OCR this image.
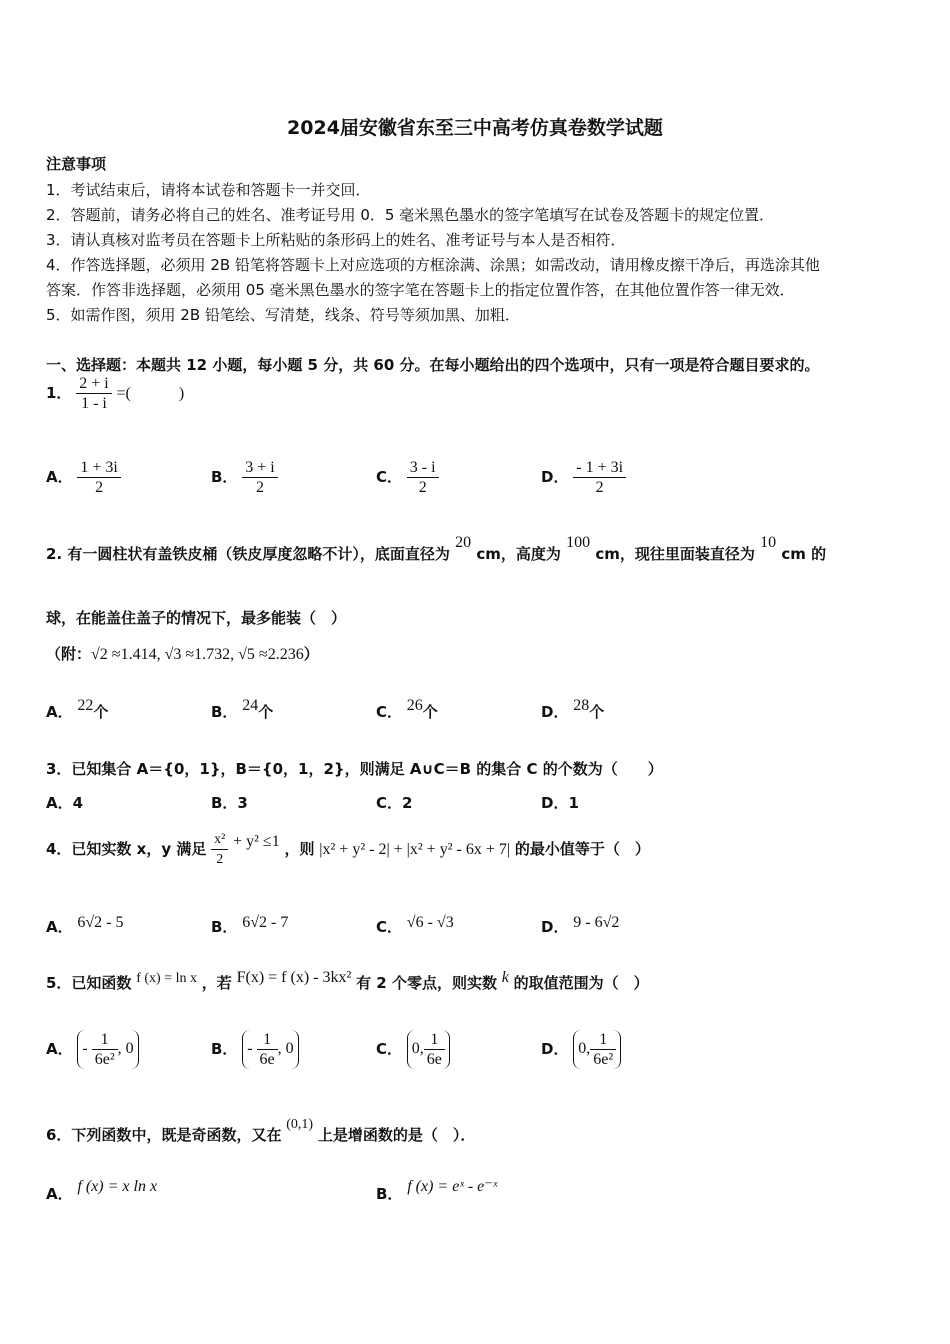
2024届安徽省东至三中高考仿真卷数学试题
注意事项
1．考试结束后，请将本试卷和答题卡一并交回．
2．答题前，请务必将自己的姓名、准考证号用 0．5 毫米黑色墨水的签字笔填写在试卷及答题卡的规定位置．
3．请认真核对监考员在答题卡上所粘贴的条形码上的姓名、准考证号与本人是否相符．
4．作答选择题，必须用 2B 铅笔将答题卡上对应选项的方框涂满、涂黑；如需改动，请用橡皮擦干净后，再选涂其他
答案．作答非选择题，必须用 05 毫米黑色墨水的签字笔在答题卡上的指定位置作答，在其他位置作答一律无效．
5．如需作图，须用 2B 铅笔绘、写清楚，线条、符号等须加黑、加粗．
一、选择题：本题共 12 小题，每小题 5 分，共 60 分。在每小题给出的四个选项中，只有一项是符合题目要求的。
1． $\frac{2 + i}{1 - i}$ =(　　　)
A． $\frac{1 + 3i}{2}$	B． $\frac{3 + i}{2}$	C． $\frac{3 - i}{2}$	D． $\frac{- 1 + 3i}{2}$
2. 有一圆柱状有盖铁皮桶（铁皮厚度忽略不计），底面直径为 20 cm，高度为 100 cm，现往里面装直径为 10 cm 的
球，在能盖住盖子的情况下，最多能装（　）
（附：√2 ≈1.414, √3 ≈1.732, √5 ≈2.236）
A． 22个	B． 24个	C． 26个	D． 28个
3．已知集合 A＝{0，1}，B＝{0，1，2}，则满足 A∪C＝B 的集合 C 的个数为（　　）
A．4	B．3	C．2	D．1
4．已知实数 x，y 满足 $\frac{\text{x²}}{2} + y^2 \le 1$ ，则 |x² + y² - 2| + |x² + y² - 6x + 7| 的最小值等于（　）
A． 6√2 - 5	B． 6√2 - 7	C． √6 - √3	D． 9 - 6√2
5．已知函数 f (x) = ln x ，若 F(x) = f (x) - 3kx² 有 2 个零点，则实数 k 的取值范围为（　）
A． - $\frac{1}{\text{6e²}}$ , 0	B． - $\frac{1}{6e}$ , 0	C． 0, $\frac{1}{6e}$	D． 0, $\frac{1}{\text{6e²}}$
6．下列函数中，既是奇函数，又在 (0,1) 上是增函数的是（　）．
A． f (x) = x ln x	B． f (x) = eˣ - e⁻ˣ
